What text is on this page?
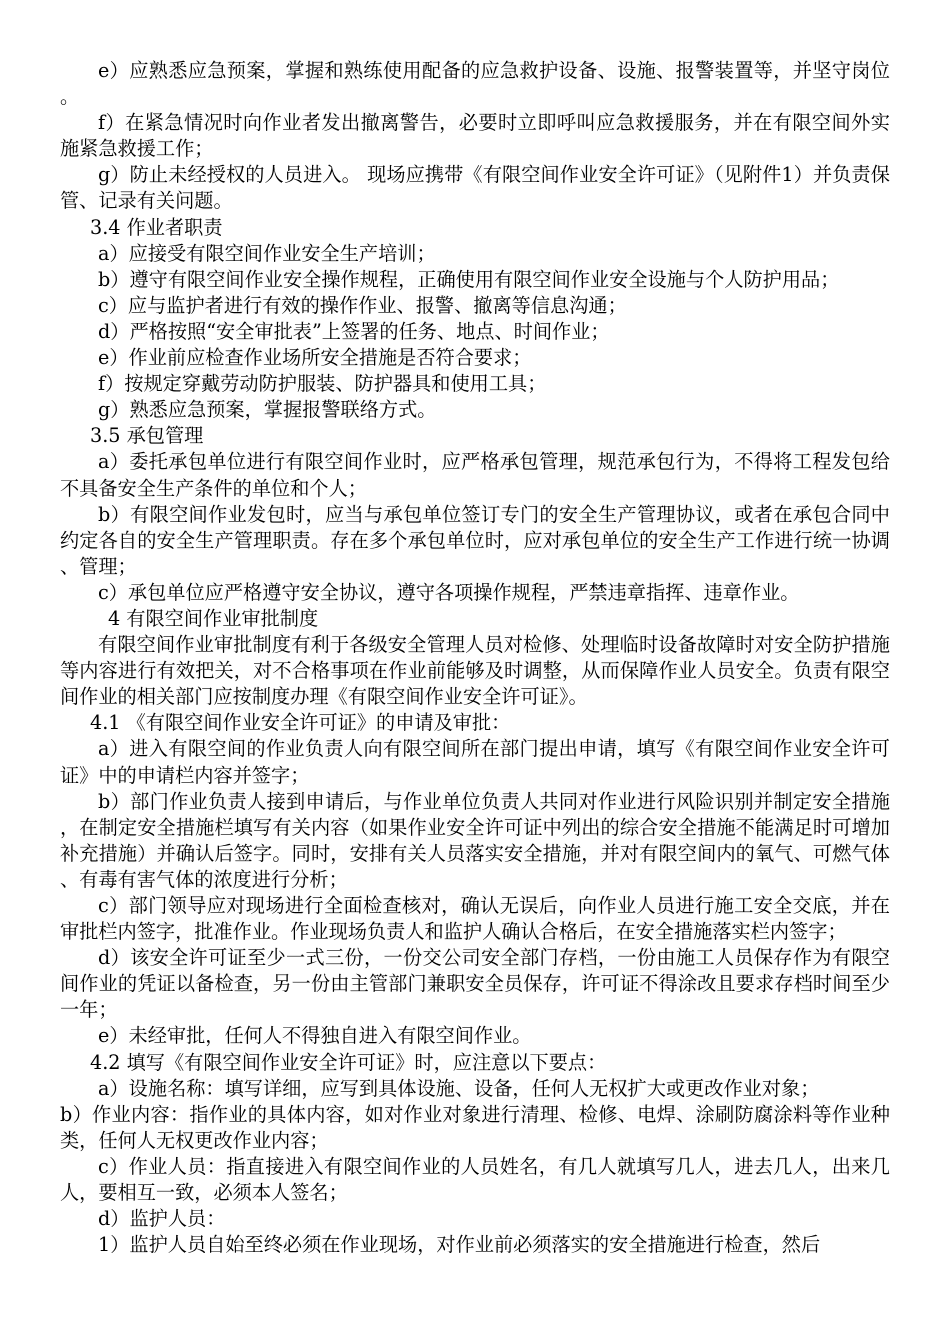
e）应熟悉应急预案，掌握和熟练使用配备的应急救护设备、设施、报警装置等，并坚守岗位。

f）在紧急情况时向作业者发出撤离警告，必要时立即呼叫应急救援服务，并在有限空间外实施紧急救援工作；

g）防止未经授权的人员进入。 现场应携带《有限空间作业安全许可证》（见附件1）并负责保管、记录有关问题。

3.4 作业者职责

a）应接受有限空间作业安全生产培训；

b）遵守有限空间作业安全操作规程，正确使用有限空间作业安全设施与个人防护用品；

c）应与监护者进行有效的操作作业、报警、撤离等信息沟通；

d）严格按照“安全审批表”上签署的任务、地点、时间作业；

e）作业前应检查作业场所安全措施是否符合要求；

f）按规定穿戴劳动防护服装、防护器具和使用工具；

g）熟悉应急预案，掌握报警联络方式。

3.5 承包管理

a）委托承包单位进行有限空间作业时，应严格承包管理，规范承包行为，不得将工程发包给不具备安全生产条件的单位和个人；

b）有限空间作业发包时，应当与承包单位签订专门的安全生产管理协议，或者在承包合同中约定各自的安全生产管理职责。存在多个承包单位时，应对承包单位的安全生产工作进行统一协调、管理；

c）承包单位应严格遵守安全协议，遵守各项操作规程，严禁违章指挥、违章作业。

4 有限空间作业审批制度

有限空间作业审批制度有利于各级安全管理人员对检修、处理临时设备故障时对安全防护措施等内容进行有效把关，对不合格事项在作业前能够及时调整，从而保障作业人员安全。负责有限空间作业的相关部门应按制度办理《有限空间作业安全许可证》。

4.1 《有限空间作业安全许可证》的申请及审批：

a）进入有限空间的作业负责人向有限空间所在部门提出申请，填写《有限空间作业安全许可证》中的申请栏内容并签字；

b）部门作业负责人接到申请后，与作业单位负责人共同对作业进行风险识别并制定安全措施，在制定安全措施栏填写有关内容（如果作业安全许可证中列出的综合安全措施不能满足时可增加补充措施）并确认后签字。同时，安排有关人员落实安全措施，并对有限空间内的氧气、可燃气体、有毒有害气体的浓度进行分析；

c）部门领导应对现场进行全面检查核对，确认无误后，向作业人员进行施工安全交底，并在审批栏内签字，批准作业。作业现场负责人和监护人确认合格后，在安全措施落实栏内签字；

d）该安全许可证至少一式三份，一份交公司安全部门存档，一份由施工人员保存作为有限空间作业的凭证以备检查，另一份由主管部门兼职安全员保存，许可证不得涂改且要求存档时间至少一年；

e）未经审批，任何人不得独自进入有限空间作业。

4.2 填写《有限空间作业安全许可证》时，应注意以下要点：

a）设施名称：填写详细，应写到具体设施、设备，任何人无权扩大或更改作业对象；

b）作业内容：指作业的具体内容，如对作业对象进行清理、检修、电焊、涂刷防腐涂料等作业种类，任何人无权更改作业内容；

c）作业人员：指直接进入有限空间作业的人员姓名，有几人就填写几人，进去几人，出来几人，要相互一致，必须本人签名；

d）监护人员：

1）监护人员自始至终必须在作业现场，对作业前必须落实的安全措施进行检查，然后
